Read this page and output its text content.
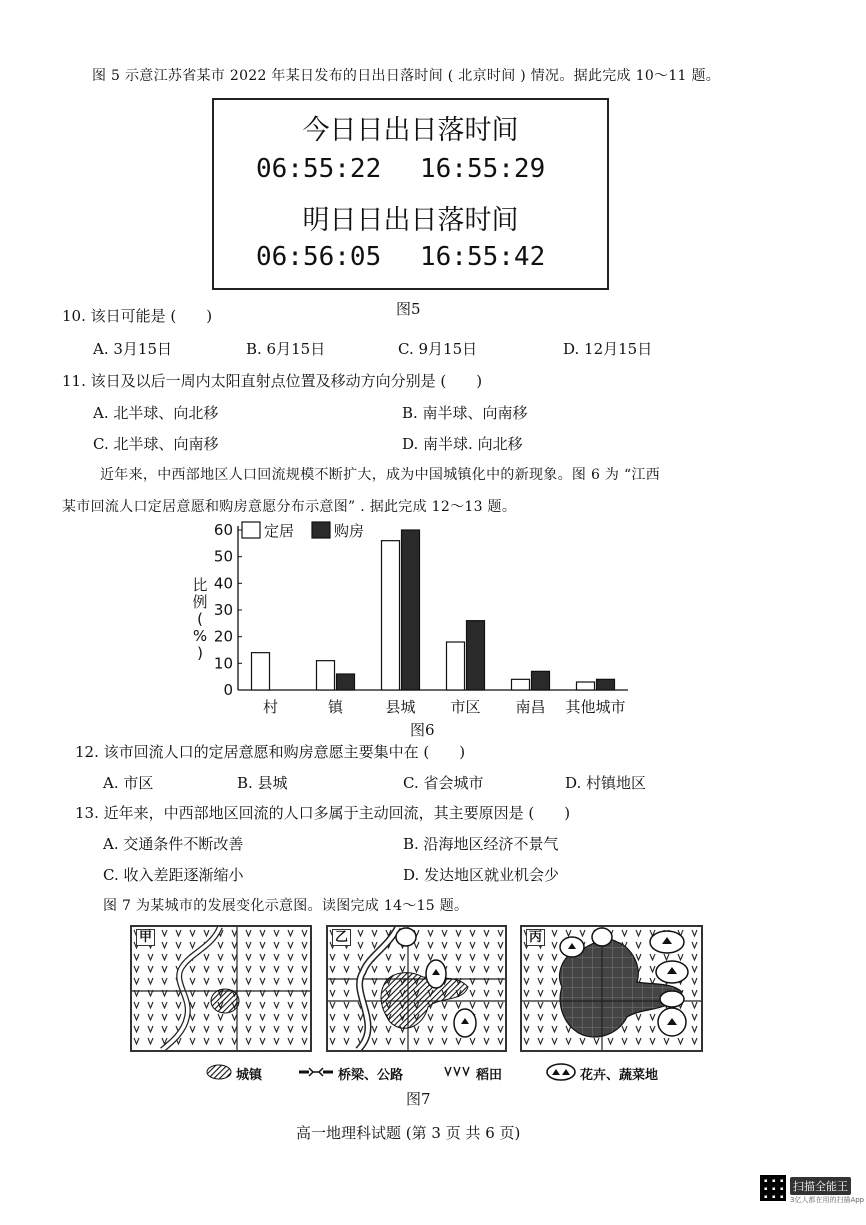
图 5 示意江苏省某市 2022 年某日发布的日出日落时间 ( 北京时间 ) 情况。据此完成 10～11 题。
今日日出日落时间
06:55:22 16:55:29
明日日出日落时间
06:56:05 16:55:42
图5
10. 该日可能是 (　　)
A. 3月15日	B. 6月15日	C. 9月15日	D. 12月15日
11. 该日及以后一周内太阳直射点位置及移动方向分别是 (　　)
A. 北半球、向北移	B. 南半球、向南移
C. 北半球、向南移	D. 南半球. 向北移
近年来，中西部地区人口回流规模不断扩大，成为中国城镇化中的新现象。图 6 为 “江西
某市回流人口定居意愿和购房意愿分布示意图” . 据此完成 12～13 题。
0
10
20
30
40
50
60
比
例
(
%
)
村	镇	县城 市区 南昌 其他城市
定居	购房
图6
12. 该市回流人口的定居意愿和购房意愿主要集中在 (　　)
A. 市区	B. 县城	C. 省会城市	D. 村镇地区
13. 近年来，中西部地区回流的人口多属于主动回流，其主要原因是 (　　)
A. 交通条件不断改善	B. 沿海地区经济不景气
C. 收入差距逐渐缩小	D. 发达地区就业机会少
图 7 为某城市的发展变化示意图。读图完成 14～15 题。
甲	乙	丙
城镇	桥梁、公路	稻田	花卉、蔬菜地
图7
高一地理科试题 (第 3 页 共 6 页)
扫描全能王
3亿人都在用的扫描App
